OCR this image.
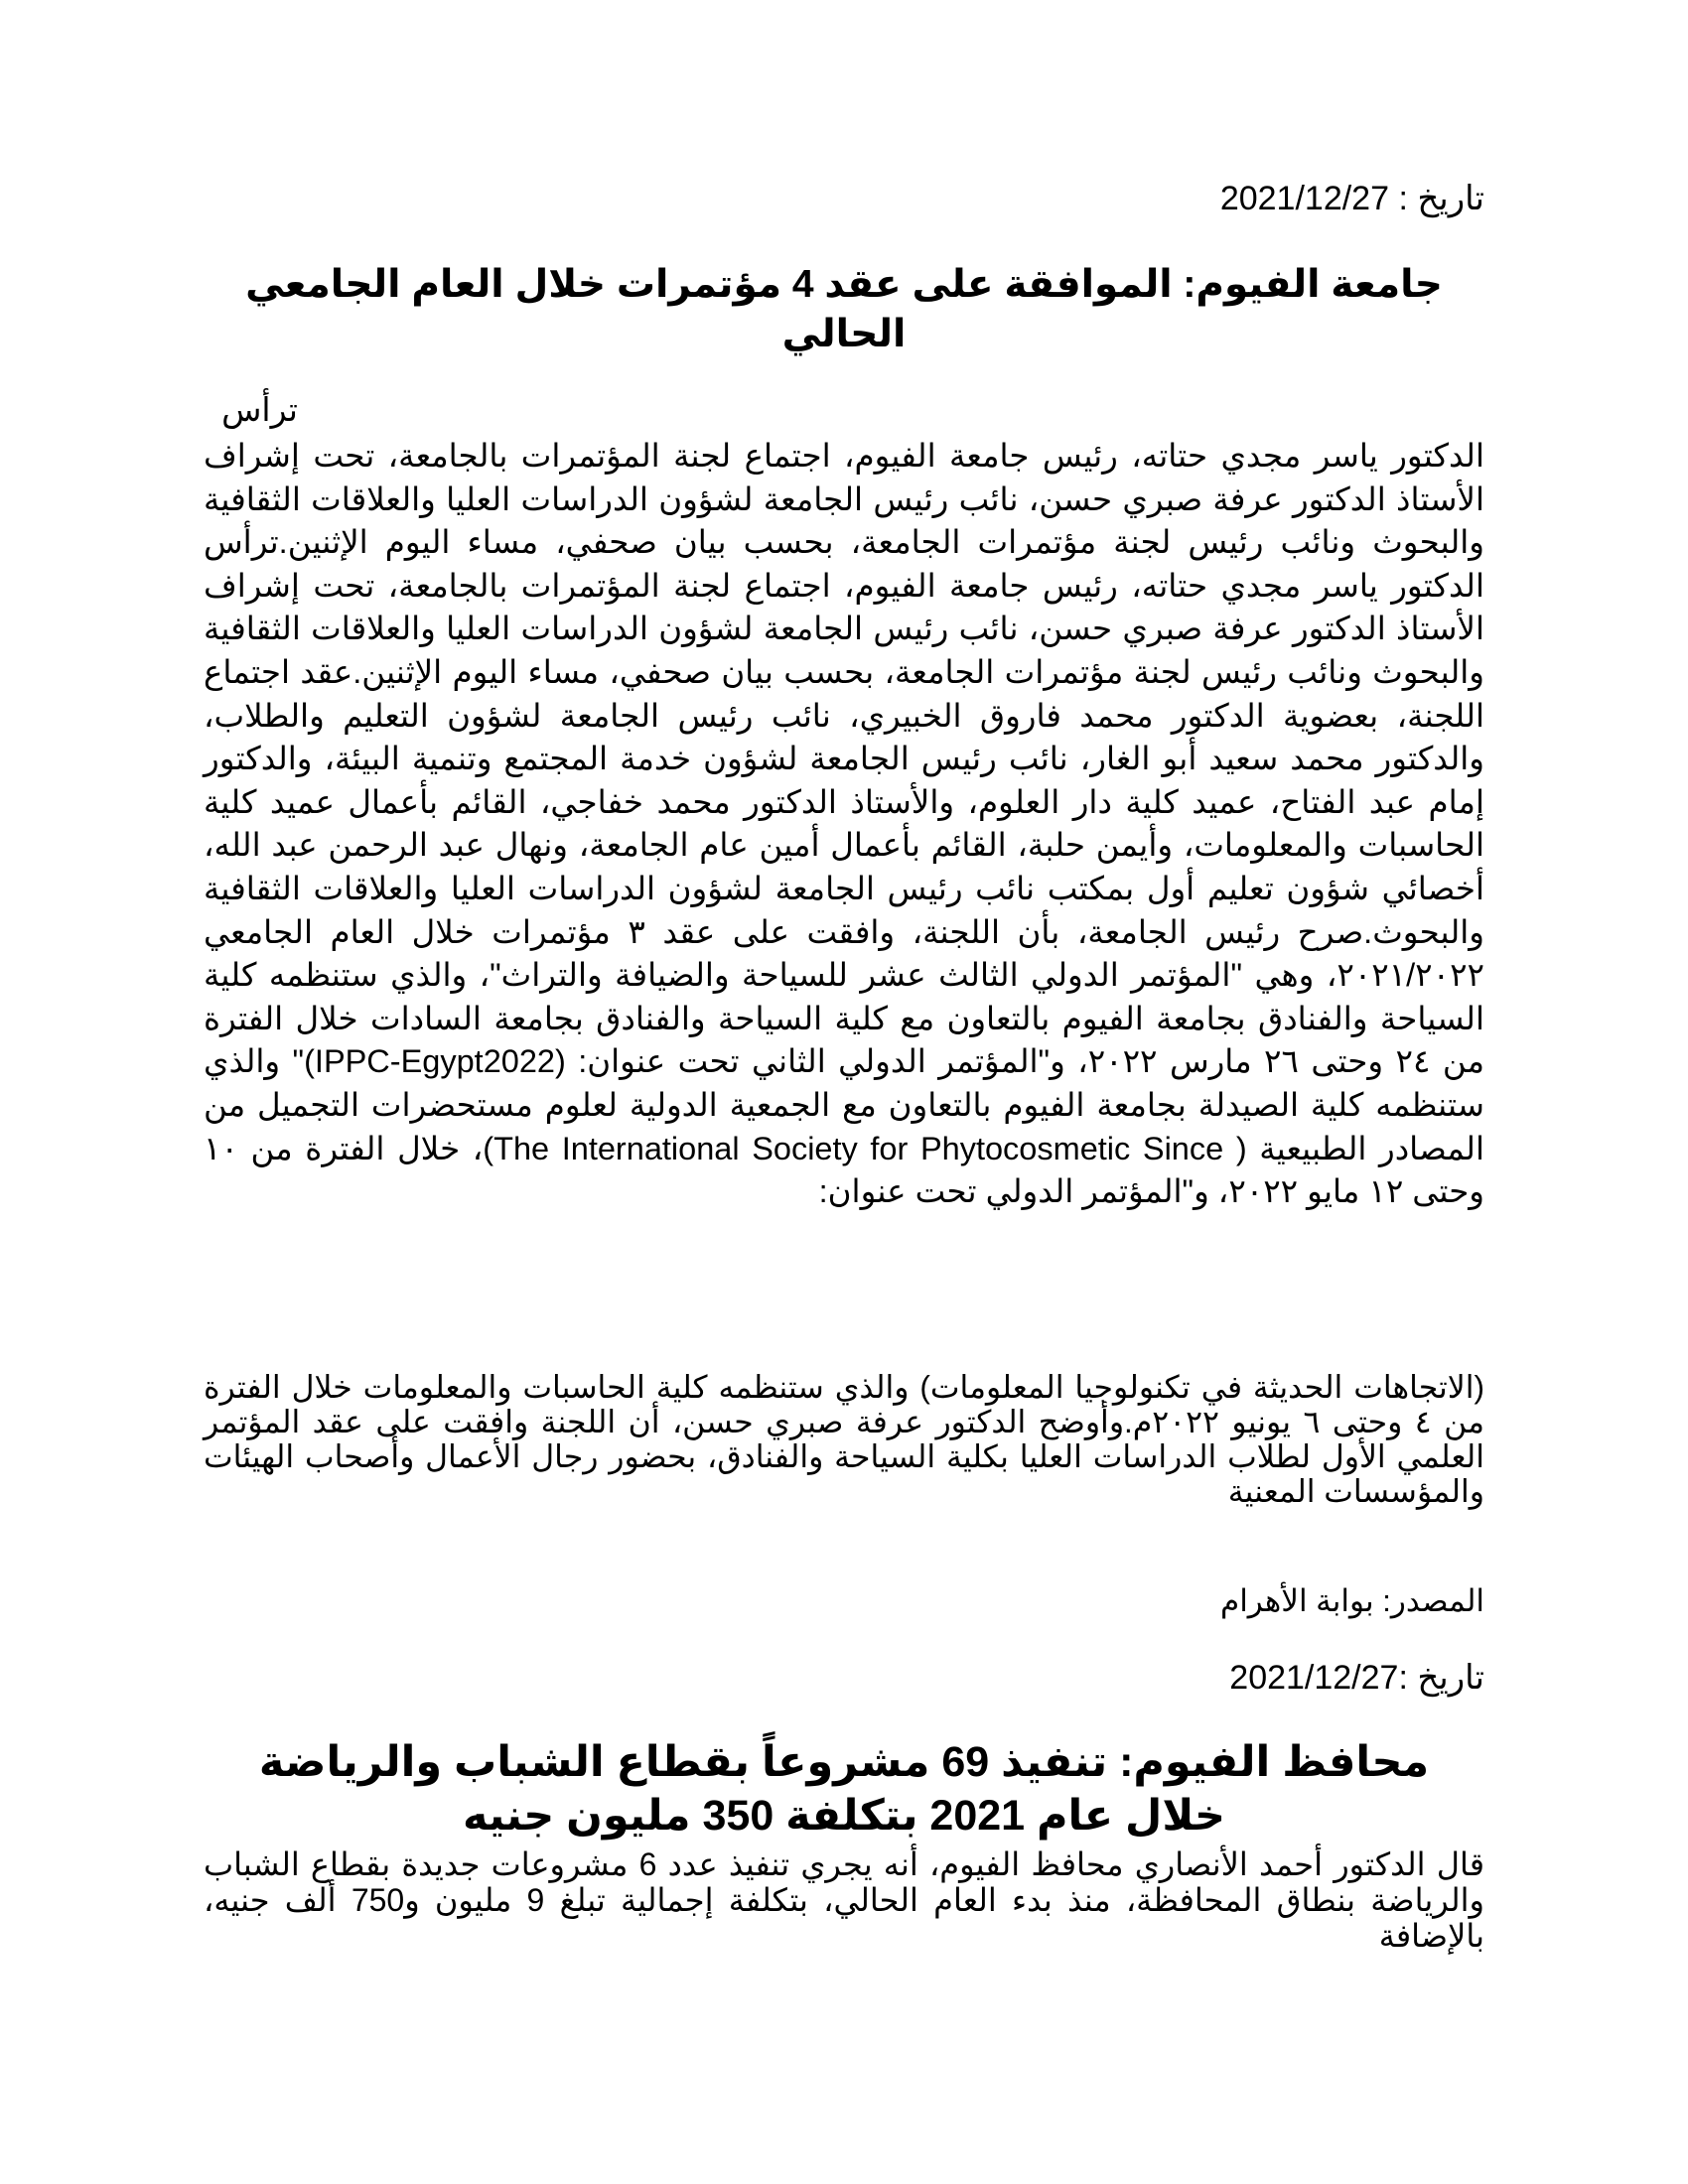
تاريخ : 2021/12/27
جامعة الفيوم: الموافقة على عقد 4 مؤتمرات خلال العام الجامعي الحالي
ترأس
الدكتور ياسر مجدي حتاته، رئيس جامعة الفيوم، اجتماع لجنة المؤتمرات بالجامعة، تحت إشراف الأستاذ الدكتور عرفة صبري حسن، نائب رئيس الجامعة لشؤون الدراسات العليا والعلاقات الثقافية والبحوث ونائب رئيس لجنة مؤتمرات الجامعة، بحسب بيان صحفي، مساء اليوم الإثنين.ترأس الدكتور ياسر مجدي حتاته، رئيس جامعة الفيوم، اجتماع لجنة المؤتمرات بالجامعة، تحت إشراف الأستاذ الدكتور عرفة صبري حسن، نائب رئيس الجامعة لشؤون الدراسات العليا والعلاقات الثقافية والبحوث ونائب رئيس لجنة مؤتمرات الجامعة، بحسب بيان صحفي، مساء اليوم الإثنين.عقد اجتماع اللجنة، بعضوية الدكتور محمد فاروق الخبيري، نائب رئيس الجامعة لشؤون التعليم والطلاب، والدكتور محمد سعيد أبو الغار، نائب رئيس الجامعة لشؤون خدمة المجتمع وتنمية البيئة، والدكتور إمام عبد الفتاح، عميد كلية دار العلوم، والأستاذ الدكتور محمد خفاجي، القائم بأعمال عميد كلية الحاسبات والمعلومات، وأيمن حلبة، القائم بأعمال أمين عام الجامعة، ونهال عبد الرحمن عبد الله، أخصائي شؤون تعليم أول بمكتب نائب رئيس الجامعة لشؤون الدراسات العليا والعلاقات الثقافية والبحوث.صرح رئيس الجامعة، بأن اللجنة، وافقت على عقد ٣ مؤتمرات خلال العام الجامعي ٢٠٢١/٢٠٢٢، وهي "المؤتمر الدولي الثالث عشر للسياحة والضيافة والتراث"، والذي ستنظمه كلية السياحة والفنادق بجامعة الفيوم بالتعاون مع كلية السياحة والفنادق بجامعة السادات خلال الفترة من ٢٤ وحتى ٢٦ مارس ٢٠٢٢، و"المؤتمر الدولي الثاني تحت عنوان: (IPPC-Egypt2022)" والذي ستنظمه كلية الصيدلة بجامعة الفيوم بالتعاون مع الجمعية الدولية لعلوم مستحضرات التجميل من المصادر الطبيعية ( The International Society for Phytocosmetic Since)، خلال الفترة من ١٠ وحتى ١٢ مايو ٢٠٢٢، و"المؤتمر الدولي تحت عنوان:
(الاتجاهات الحديثة في تكنولوجيا المعلومات) والذي ستنظمه كلية الحاسبات والمعلومات خلال الفترة من ٤ وحتى ٦ يونيو ٢٠٢٢م.وأوضح الدكتور عرفة صبري حسن، أن اللجنة وافقت على عقد المؤتمر العلمي الأول لطلاب الدراسات العليا بكلية السياحة والفنادق، بحضور رجال الأعمال وأصحاب الهيئات والمؤسسات المعنية
المصدر: بوابة الأهرام
تاريخ :2021/12/27
محافظ الفيوم: تنفيذ 69 مشروعاً بقطاع الشباب والرياضة خلال عام 2021 بتكلفة 350 مليون جنيه
قال الدكتور أحمد الأنصاري محافظ الفيوم، أنه يجري تنفيذ عدد 6 مشروعات جديدة بقطاع الشباب والرياضة بنطاق المحافظة، منذ بدء العام الحالي، بتكلفة إجمالية تبلغ 9 مليون و750 ألف جنيه، بالإضافة
